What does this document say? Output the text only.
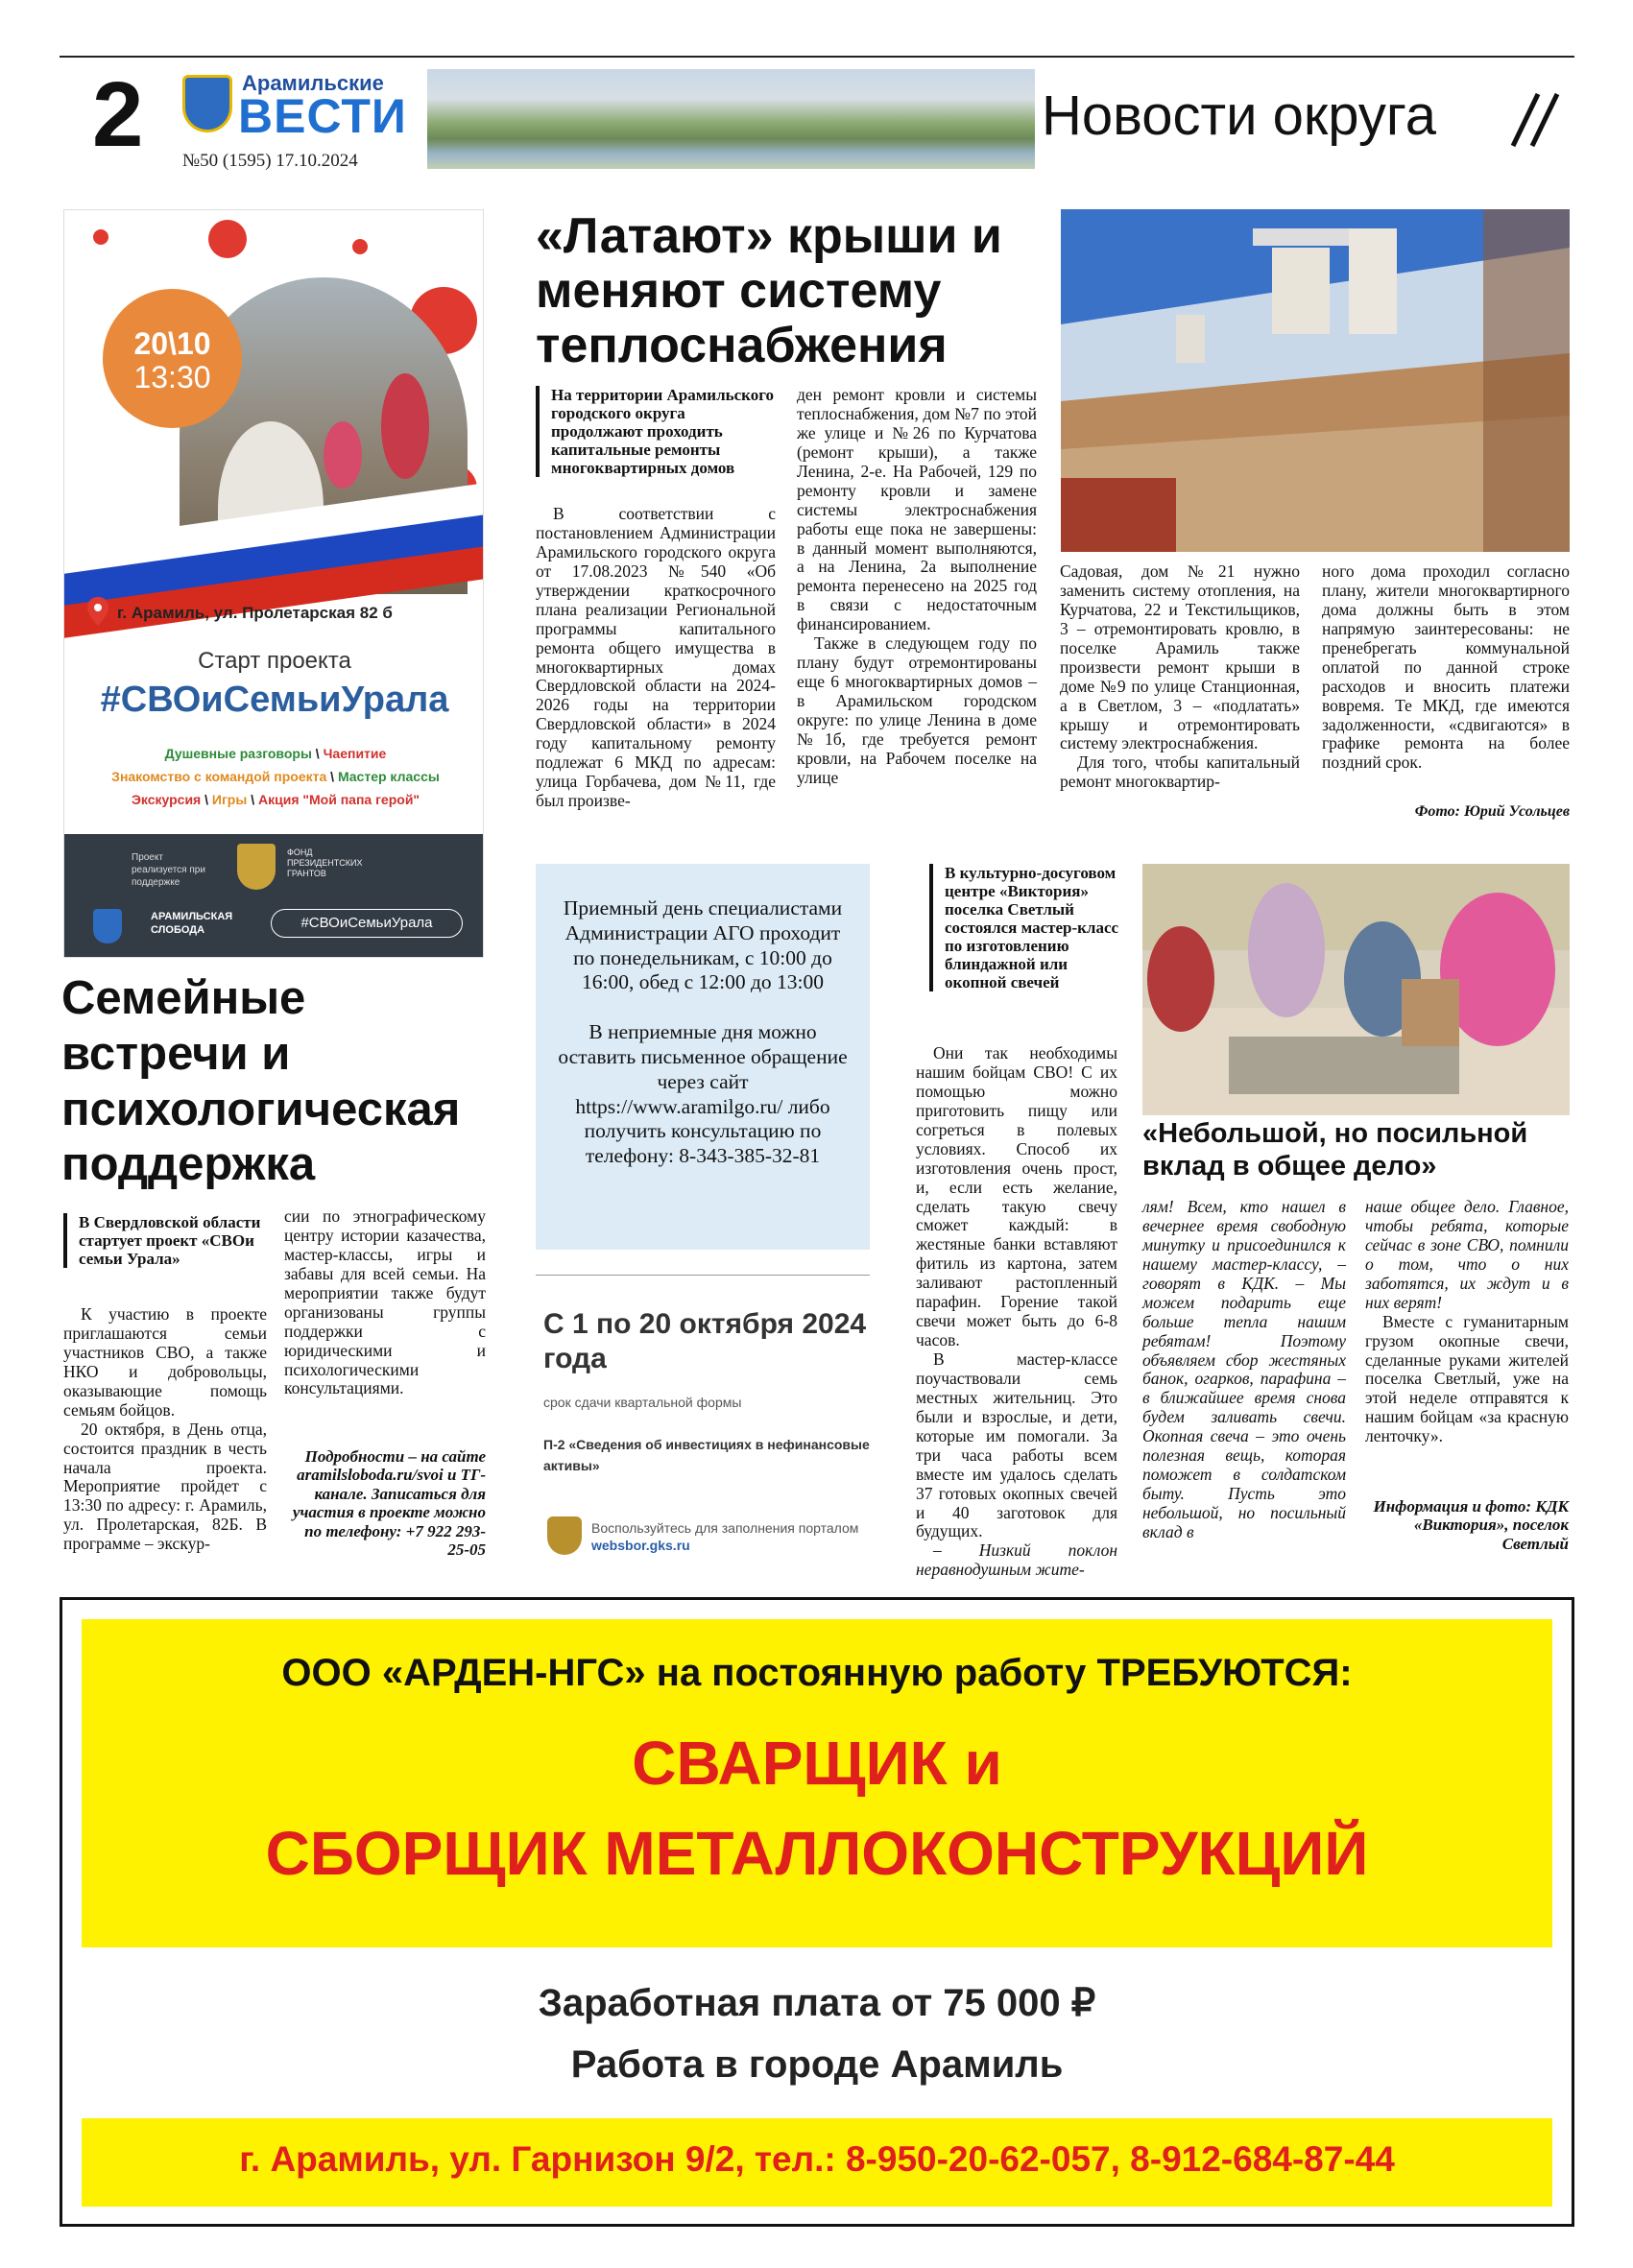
2	Арамильские
ВЕСТИ
№50 (1595) 17.10.2024
Новости округа
20\10
13:30
г. Арамиль, ул. Пролетарская 82 б
Старт проекта
#СВОиСемьиУрала
Душевные разговоры \ Чаепитие
Знакомство с командой проекта \ Мастер классы
Экскурсия \ Игры \ Акция "Мой папа герой"
Проект реализуется при поддержке
ФОНД ПРЕЗИДЕНТСКИХ ГРАНТОВ
АРАМИЛЬСКАЯ СЛОБОДА	#СВОиСемьиУрала
Семейные встречи и психологическая поддержка
В Свердловской области стартует проект «СВОи семьи Урала»

К участию в проекте приглашаются семьи участников СВО, а также НКО и добровольцы, оказывающие помощь семьям бойцов.

20 октября, в День отца, состоится праздник в честь начала проекта. Мероприятие пройдет с 13:30 по адресу: г. Арамиль, ул. Пролетарская, 82Б. В программе – экскур-

сии по этнографическому центру истории казачества, мастер-классы, игры и забавы для всей семьи. На мероприятии также будут организованы группы поддержки с юридическими и психологическими консультациями.

Подробности – на сайте aramilsloboda.ru/svoi и ТГ-канале. Записаться для участия в проекте можно по телефону: +7 922 293-25-05
«Латают» крыши и меняют систему теплоснабжения
На территории Арамильского городского округа продолжают проходить капитальные ремонты многоквартирных домов

В соответствии с постановлением Администрации Арамильского городского округа от 17.08.2023 №540 «Об утверждении краткосрочного плана реализации Региональной программы капитального ремонта общего имущества в многоквартирных домах Свердловской области на 2024-2026 годы на территории Свердловской области» в 2024 году капитальному ремонту подлежат 6 МКД по адресам: улица Горбачева, дом №11, где был произве-

ден ремонт кровли и системы теплоснабжения, дом №7 по этой же улице и №26 по Курчатова (ремонт крыши), а также Ленина, 2-е. На Рабочей, 129 по ремонту кровли и замене системы электроснабжения работы еще пока не завершены: в данный момент выполняются, а на Ленина, 2а выполнение ремонта перенесено на 2025 год в связи с недостаточным финансированием.

Также в следующем году по плану будут отремонтированы еще 6 многоквартирных домов – в Арамильском городском округе: по улице Ленина в доме №1б, где требуется ремонт кровли, на Рабочем поселке на улице

Садовая, дом №21 нужно заменить систему отопления, на Курчатова, 22 и Текстильщиков, 3 – отремонтировать кровлю, в поселке Арамиль также произвести ремонт крыши в доме №9 по улице Станционная, а в Светлом, 3 – «подлатать» крышу и отремонтировать систему электроснабжения.

Для того, чтобы капитальный ремонт многоквартир-

ного дома проходил согласно плану, жители многоквартирного дома должны быть в этом напрямую заинтересованы: не пренебрегать коммунальной оплатой по данной строке расходов и вносить платежи вовремя. Те МКД, где имеются задолженности, «сдвигаются» в графике ремонта на более поздний срок.

Фото: Юрий Усольцев

Приемный день специалистами Администрации АГО проходит по понедельникам, с 10:00 до 16:00, обед с 12:00 до 13:00

В неприемные дня можно оставить письменное обращение через сайт https://www.aramilgo.ru/ либо получить консультацию по телефону: 8-343-385-32-81

С 1 по 20 октября 2024 года
срок сдачи квартальной формы
П-2 «Сведения об инвестициях в нефинансовые активы»
Воспользуйтесь для заполнения порталом websbor.gks.ru
В культурно-досуговом центре «Виктория» поселка Светлый состоялся мастер-класс по изготовлению блиндажной или окопной свечей

Они так необходимы нашим бойцам СВО! С их помощью можно приготовить пищу или согреться в полевых условиях. Способ их изготовления очень прост, и, если есть желание, сделать такую свечу сможет каждый: в жестяные банки вставляют фитиль из картона, затем заливают растопленный парафин. Горение такой свечи может быть до 6-8 часов.

В мастер-классе поучаствовали семь местных жительниц. Это были и взрослые, и дети, которые им помогали. За три часа работы всем вместе им удалось сделать 37 готовых окопных свечей и 40 заготовок для будущих.

– Низкий поклон неравнодушным жите-

«Небольшой, но посильной вклад в общее дело»

лям! Всем, кто нашел в вечернее время свободную минутку и присоединился к нашему мастер-классу, – говорят в КДК. – Мы можем подарить еще больше тепла нашим ребятам! Поэтому объявляем сбор жестяных банок, огарков, парафина – в ближайшее время снова будем заливать свечи. Окопная свеча – это очень полезная вещь, которая поможет в солдатском быту. Пусть это небольшой, но посильный вклад в

наше общее дело. Главное, чтобы ребята, которые сейчас в зоне СВО, помнили о том, что о них заботятся, их ждут и в них верят!

Вместе с гуманитарным грузом окопные свечи, сделанные руками жителей поселка Светлый, уже на этой неделе отправятся к нашим бойцам «за красную ленточку».

Информация и фото: КДК «Виктория», поселок Светлый
ООО «АРДЕН-НГС» на постоянную работу ТРЕБУЮТСЯ:
СВАРЩИК и
СБОРЩИК МЕТАЛЛОКОНСТРУКЦИЙ
Заработная плата от 75 000 ₽
Работа в городе Арамиль
г. Арамиль, ул. Гарнизон 9/2, тел.: 8-950-20-62-057, 8-912-684-87-44
